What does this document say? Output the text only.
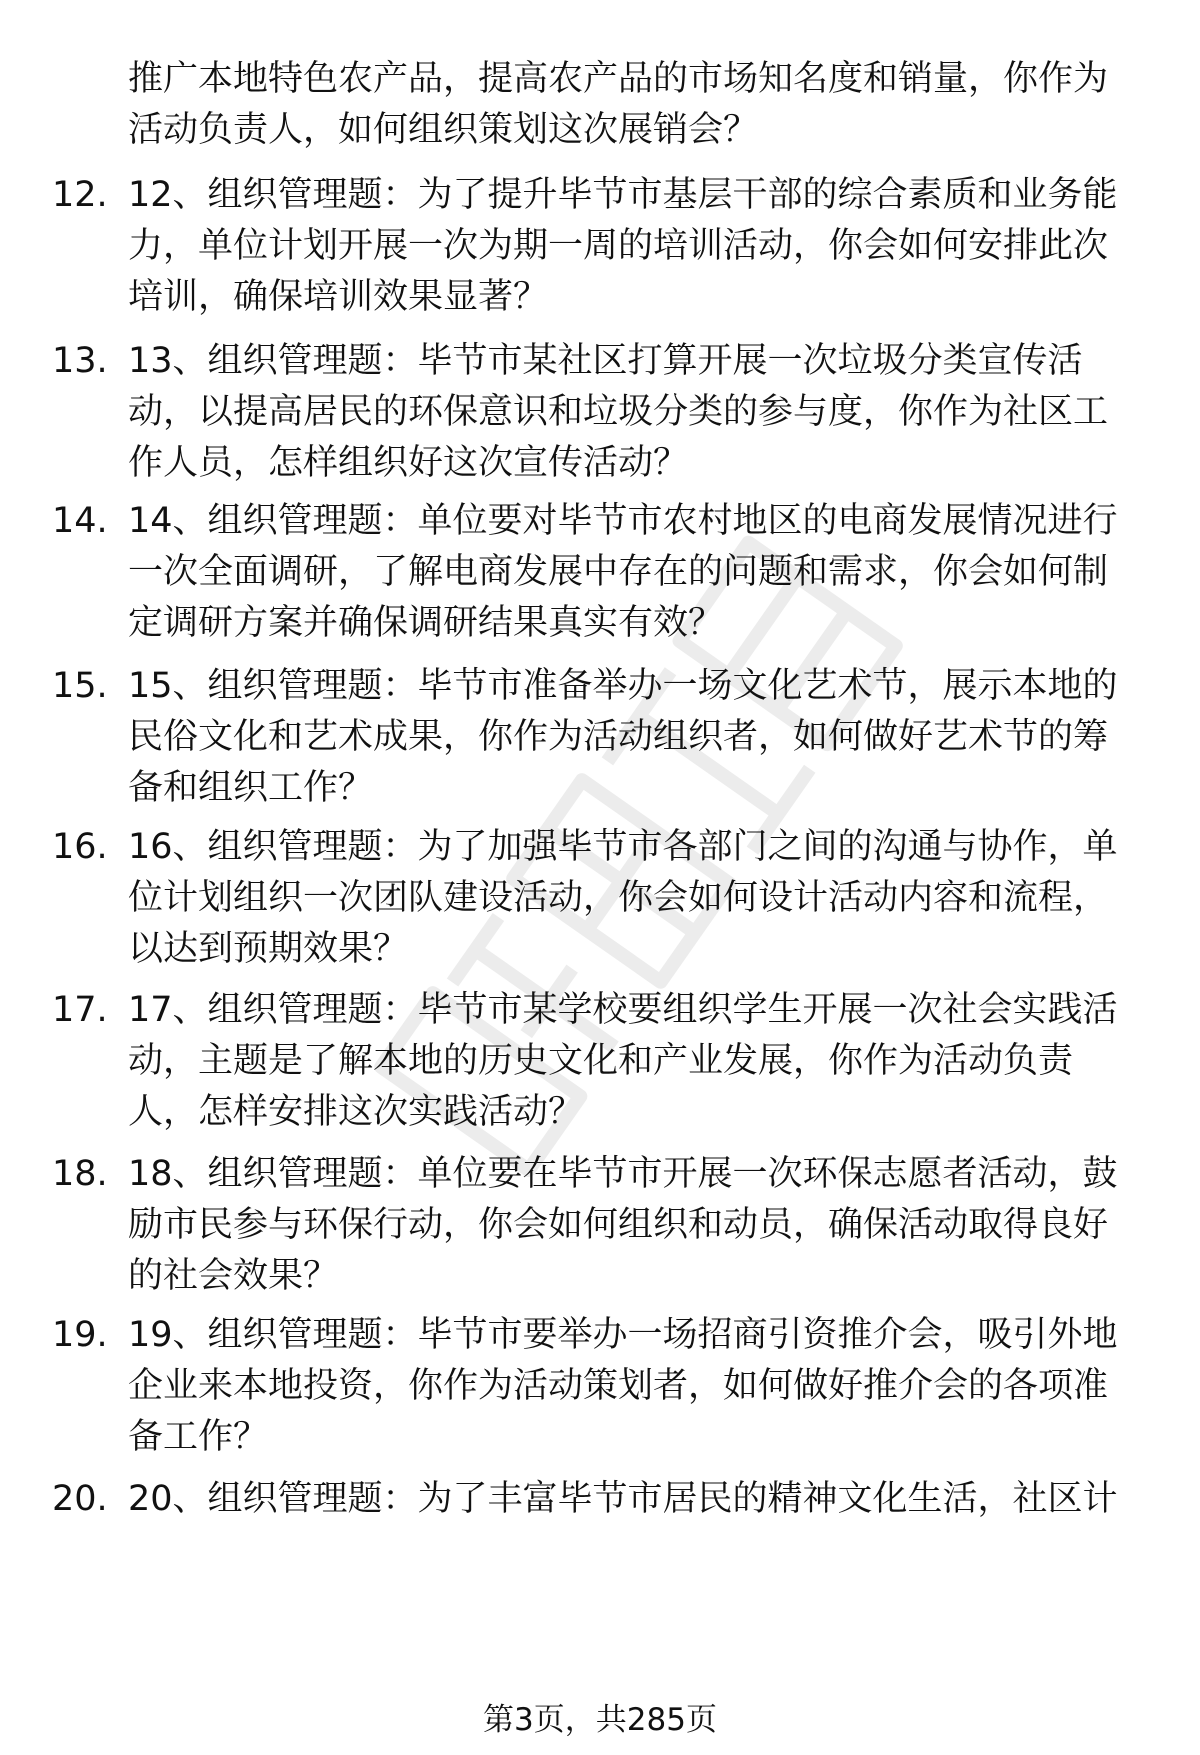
推广本地特色农产品，提高农产品的市场知名度和销量，你作为活动负责人，如何组织策划这次展销会？

12. 12、组织管理题：为了提升毕节市基层干部的综合素质和业务能力，单位计划开展一次为期一周的培训活动，你会如何安排此次培训，确保培训效果显著？

13. 13、组织管理题：毕节市某社区打算开展一次垃圾分类宣传活动，以提高居民的环保意识和垃圾分类的参与度，你作为社区工作人员，怎样组织好这次宣传活动？

14. 14、组织管理题：单位要对毕节市农村地区的电商发展情况进行一次全面调研，了解电商发展中存在的问题和需求，你会如何制定调研方案并确保调研结果真实有效？

15. 15、组织管理题：毕节市准备举办一场文化艺术节，展示本地的民俗文化和艺术成果，你作为活动组织者，如何做好艺术节的筹备和组织工作？

16. 16、组织管理题：为了加强毕节市各部门之间的沟通与协作，单位计划组织一次团队建设活动，你会如何设计活动内容和流程，以达到预期效果？

17. 17、组织管理题：毕节市某学校要组织学生开展一次社会实践活动，主题是了解本地的历史文化和产业发展，你作为活动负责人，怎样安排这次实践活动？

18. 18、组织管理题：单位要在毕节市开展一次环保志愿者活动，鼓励市民参与环保行动，你会如何组织和动员，确保活动取得良好的社会效果？

19. 19、组织管理题：毕节市要举办一场招商引资推介会，吸引外地企业来本地投资，你作为活动策划者，如何做好推介会的各项准备工作？

20. 20、组织管理题：为了丰富毕节市居民的精神文化生活，社区计

第3页，共285页
